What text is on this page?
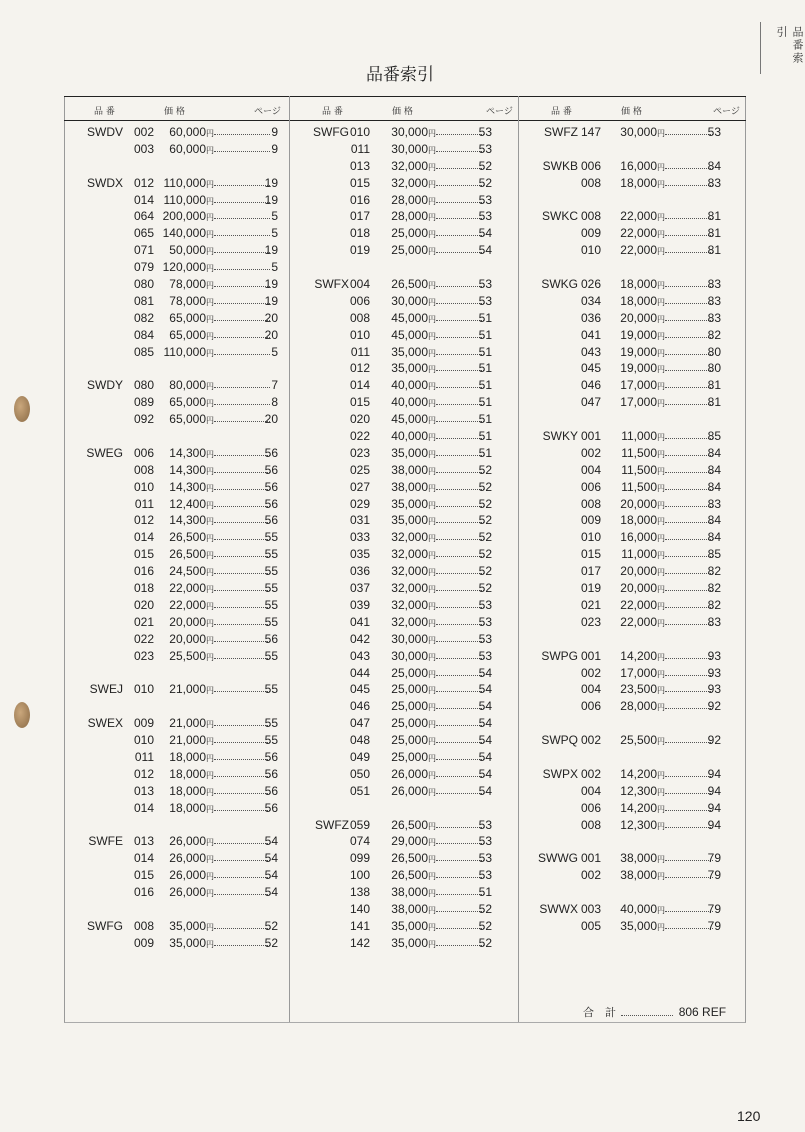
品番索引
品番索引
品 番	価 格	ページ
SWDV 002	60,000 円	9
003	60,000 円	9
SWDX 012 110,000 円	19
014 110,000 円	19
064 200,000 円	5
065 140,000 円	5
071	50,000 円	19
079 120,000 円	5
080	78,000 円	19
081	78,000 円	19
082	65,000 円	20
084	65,000 円	20
085 110,000 円	5
SWDY 080	80,000 円	7
089	65,000 円	8
092	65,000 円	20
SWEG 006	14,300 円	56
008	14,300 円	56
010	14,300 円	56
011	12,400 円	56
012	14,300 円	56
014	26,500 円	55
015	26,500 円	55
016	24,500 円	55
018	22,000 円	55
020	22,000 円	55
021	20,000 円	55
022	20,000 円	56
023	25,500 円	55
SWEJ 010	21,000 円	55
SWEX 009	21,000 円	55
010	21,000 円	55
011	18,000 円	56
012	18,000 円	56
013	18,000 円	56
014	18,000 円	56
SWFE 013	26,000 円	54
014	26,000 円	54
015	26,000 円	54
016	26,000 円	54
SWFG 008	35,000 円	52
009	35,000 円	52
品 番	価 格	ページ
SWFG 010	30,000 円	53
011	30,000 円	53
013	32,000 円	52
015	32,000 円	52
016	28,000 円	53
017	28,000 円	53
018	25,000 円	54
019	25,000 円	54
SWFX 004	26,500 円	53
006	30,000 円	53
008	45,000 円	51
010	45,000 円	51
011	35,000 円	51
012	35,000 円	51
014	40,000 円	51
015	40,000 円	51
020	45,000 円	51
022	40,000 円	51
023	35,000 円	51
025	38,000 円	52
027	38,000 円	52
029	35,000 円	52
031	35,000 円	52
033	32,000 円	52
035	32,000 円	52
036	32,000 円	52
037	32,000 円	52
039	32,000 円	53
041	32,000 円	53
042	30,000 円	53
043	30,000 円	53
044	25,000 円	54
045	25,000 円	54
046	25,000 円	54
047	25,000 円	54
048	25,000 円	54
049	25,000 円	54
050	26,000 円	54
051	26,000 円	54
SWFZ 059	26,500 円	53
074	29,000 円	53
099	26,500 円	53
100	26,500 円	53
138	38,000 円	51
140	38,000 円	52
141	35,000 円	52
142	35,000 円	52
品 番	価 格	ページ
SWFZ 147	30,000 円	53
SWKB 006	16,000 円	84
008	18,000 円	83
SWKC 008	22,000 円	81
009	22,000 円	81
010	22,000 円	81
SWKG 026	18,000 円	83
034	18,000 円	83
036	20,000 円	83
041	19,000 円	82
043	19,000 円	80
045	19,000 円	80
046	17,000 円	81
047	17,000 円	81
SWKY 001	11,000 円	85
002	11,500 円	84
004	11,500 円	84
006	11,500 円	84
008	20,000 円	83
009	18,000 円	84
010	16,000 円	84
015	11,000 円	85
017	20,000 円	82
019	20,000 円	82
021	22,000 円	82
023	22,000 円	83
SWPG 001	14,200 円	93
002	17,000 円	93
004	23,500 円	93
006	28,000 円	92
SWPQ 002	25,500 円	92
SWPX 002	14,200 円	94
004	12,300 円	94
006	14,200 円	94
008	12,300 円	94
SWWG 001	38,000 円	79
002	38,000 円	79
SWWX 003	40,000 円	79
005	35,000 円	79
合　計	806 REF
120
